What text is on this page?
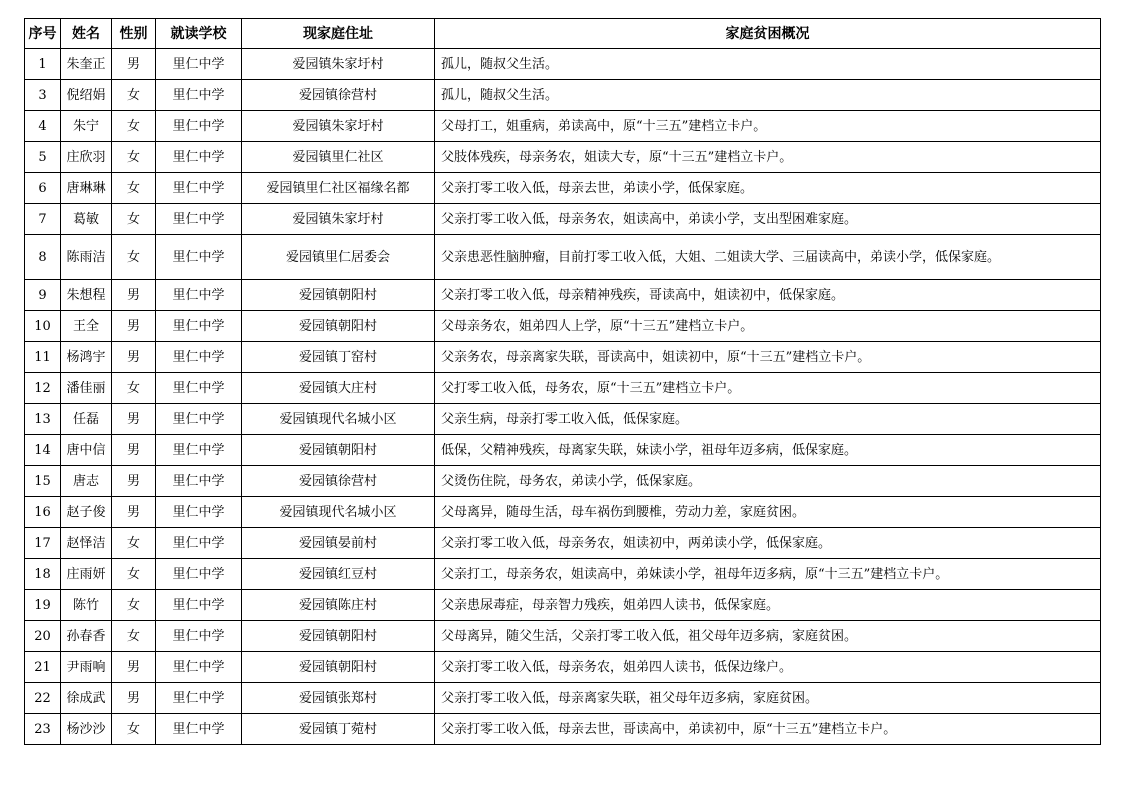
序号	姓名	性别	就读学校	现家庭住址	家庭贫困概况
1	朱奎正	男	里仁中学	爱园镇朱家圩村	孤儿，随叔父生活。
3	倪绍娟	女	里仁中学	爱园镇徐营村	孤儿，随叔父生活。
4	朱宁	女	里仁中学	爱园镇朱家圩村	父母打工，姐重病，弟读高中，原“十三五”建档立卡户。
5	庄欣羽	女	里仁中学	爱园镇里仁社区	父肢体残疾，母亲务农，姐读大专，原“十三五”建档立卡户。
6	唐琳琳	女	里仁中学	爱园镇里仁社区福缘名都	父亲打零工收入低，母亲去世，弟读小学，低保家庭。
7	葛敏	女	里仁中学	爱园镇朱家圩村	父亲打零工收入低，母亲务农，姐读高中，弟读小学，支出型困难家庭。
8	陈雨洁	女	里仁中学	爱园镇里仁居委会	父亲患恶性脑肿瘤，目前打零工收入低，大姐、二姐读大学、三届读高中，弟读小学，低保家庭。
9	朱想程	男	里仁中学	爱园镇朝阳村	父亲打零工收入低，母亲精神残疾，哥读高中，姐读初中，低保家庭。
10	王全	男	里仁中学	爱园镇朝阳村	父母亲务农，姐弟四人上学，原“十三五”建档立卡户。
11	杨鸿宇	男	里仁中学	爱园镇丁窑村	父亲务农，母亲离家失联，哥读高中，姐读初中，原“十三五”建档立卡户。
12	潘佳丽	女	里仁中学	爱园镇大庄村	父打零工收入低，母务农，原“十三五”建档立卡户。
13	任磊	男	里仁中学	爱园镇现代名城小区	父亲生病，母亲打零工收入低，低保家庭。
14	唐中信	男	里仁中学	爱园镇朝阳村	低保，父精神残疾，母离家失联，妹读小学，祖母年迈多病，低保家庭。
15	唐志	男	里仁中学	爱园镇徐营村	父烫伤住院，母务农，弟读小学，低保家庭。
16	赵子俊	男	里仁中学	爱园镇现代名城小区	父母离异，随母生活，母车祸伤到腰椎，劳动力差，家庭贫困。
17	赵怿洁	女	里仁中学	爱园镇晏前村	父亲打零工收入低，母亲务农，姐读初中，两弟读小学，低保家庭。
18	庄雨妍	女	里仁中学	爱园镇红豆村	父亲打工，母亲务农，姐读高中，弟妹读小学，祖母年迈多病，原“十三五”建档立卡户。
19	陈竹	女	里仁中学	爱园镇陈庄村	父亲患尿毒症，母亲智力残疾，姐弟四人读书，低保家庭。
20	孙春香	女	里仁中学	爱园镇朝阳村	父母离异，随父生活，父亲打零工收入低，祖父母年迈多病，家庭贫困。
21	尹雨响	男	里仁中学	爱园镇朝阳村	父亲打零工收入低，母亲务农，姐弟四人读书，低保边缘户。
22	徐成武	男	里仁中学	爱园镇张郑村	父亲打零工收入低，母亲离家失联，祖父母年迈多病，家庭贫困。
23	杨沙沙	女	里仁中学	爱园镇丁菀村	父亲打零工收入低，母亲去世，哥读高中，弟读初中，原“十三五”建档立卡户。
